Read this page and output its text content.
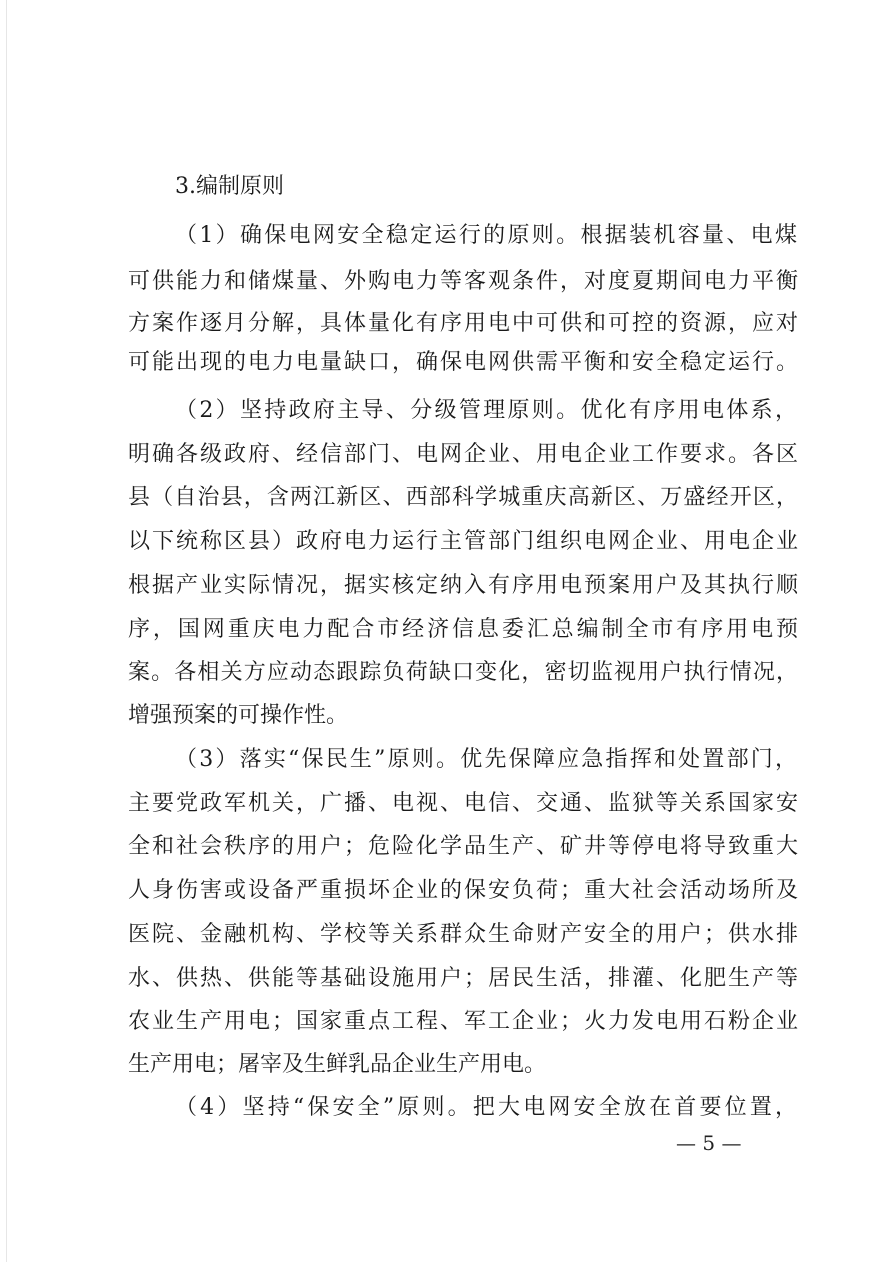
3.编制原则
（1）确保电网安全稳定运行的原则。根据装机容量、电煤
可供能力和储煤量、外购电力等客观条件，对度夏期间电力平衡
方案作逐月分解，具体量化有序用电中可供和可控的资源，应对
可能出现的电力电量缺口，确保电网供需平衡和安全稳定运行。
（2）坚持政府主导、分级管理原则。优化有序用电体系，
明确各级政府、经信部门、电网企业、用电企业工作要求。各区
县（自治县，含两江新区、西部科学城重庆高新区、万盛经开区，
以下统称区县）政府电力运行主管部门组织电网企业、用电企业
根据产业实际情况，据实核定纳入有序用电预案用户及其执行顺
序，国网重庆电力配合市经济信息委汇总编制全市有序用电预
案。各相关方应动态跟踪负荷缺口变化，密切监视用户执行情况，
增强预案的可操作性。
（3）落实“保民生”原则。优先保障应急指挥和处置部门，
主要党政军机关，广播、电视、电信、交通、监狱等关系国家安
全和社会秩序的用户；危险化学品生产、矿井等停电将导致重大
人身伤害或设备严重损坏企业的保安负荷；重大社会活动场所及
医院、金融机构、学校等关系群众生命财产安全的用户；供水排
水、供热、供能等基础设施用户；居民生活，排灌、化肥生产等
农业生产用电；国家重点工程、军工企业；火力发电用石粉企业
生产用电；屠宰及生鲜乳品企业生产用电。
（4）坚持“保安全”原则。把大电网安全放在首要位置，
— 5 —
